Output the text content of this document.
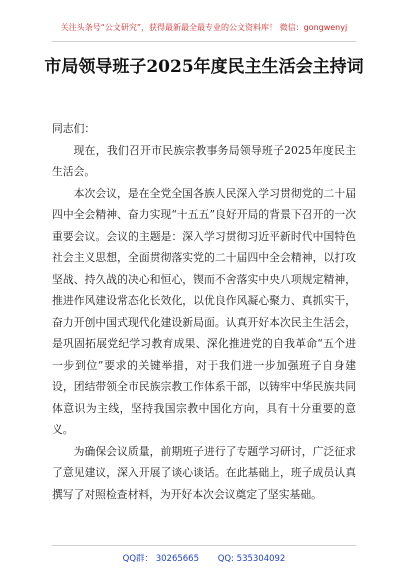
关注头条号“公文研究”，获得最新最全最专业的公文资料库！ 微信：gongwenyj
市局领导班子2025年度民主生活会主持词

同志们：

现在，我们召开市民族宗教事务局领导班子2025年度民主生活会。

本次会议，是在全党全国各族人民深入学习贯彻党的二十届四中全会精神、奋力实现“十五五”良好开局的背景下召开的一次重要会议。会议的主题是：深入学习贯彻习近平新时代中国特色社会主义思想，全面贯彻落实党的二十届四中全会精神，以打攻坚战、持久战的决心和恒心，锲而不舍落实中央八项规定精神，推进作风建设常态化长效化，以优良作风凝心聚力、真抓实干，奋力开创中国式现代化建设新局面。认真开好本次民主生活会，是巩固拓展党纪学习教育成果、深化推进党的自我革命“五个进一步到位”要求的关键举措，对于我们进一步加强班子自身建设，团结带领全市民族宗教工作体系干部，以铸牢中华民族共同体意识为主线，坚持我国宗教中国化方向，具有十分重要的意义。

为确保会议质量，前期班子进行了专题学习研讨，广泛征求了意见建议，深入开展了谈心谈话。在此基础上，班子成员认真撰写了对照检查材料，为开好本次会议奠定了坚实基础。

QQ群： 30265665 QQ: 535304092
